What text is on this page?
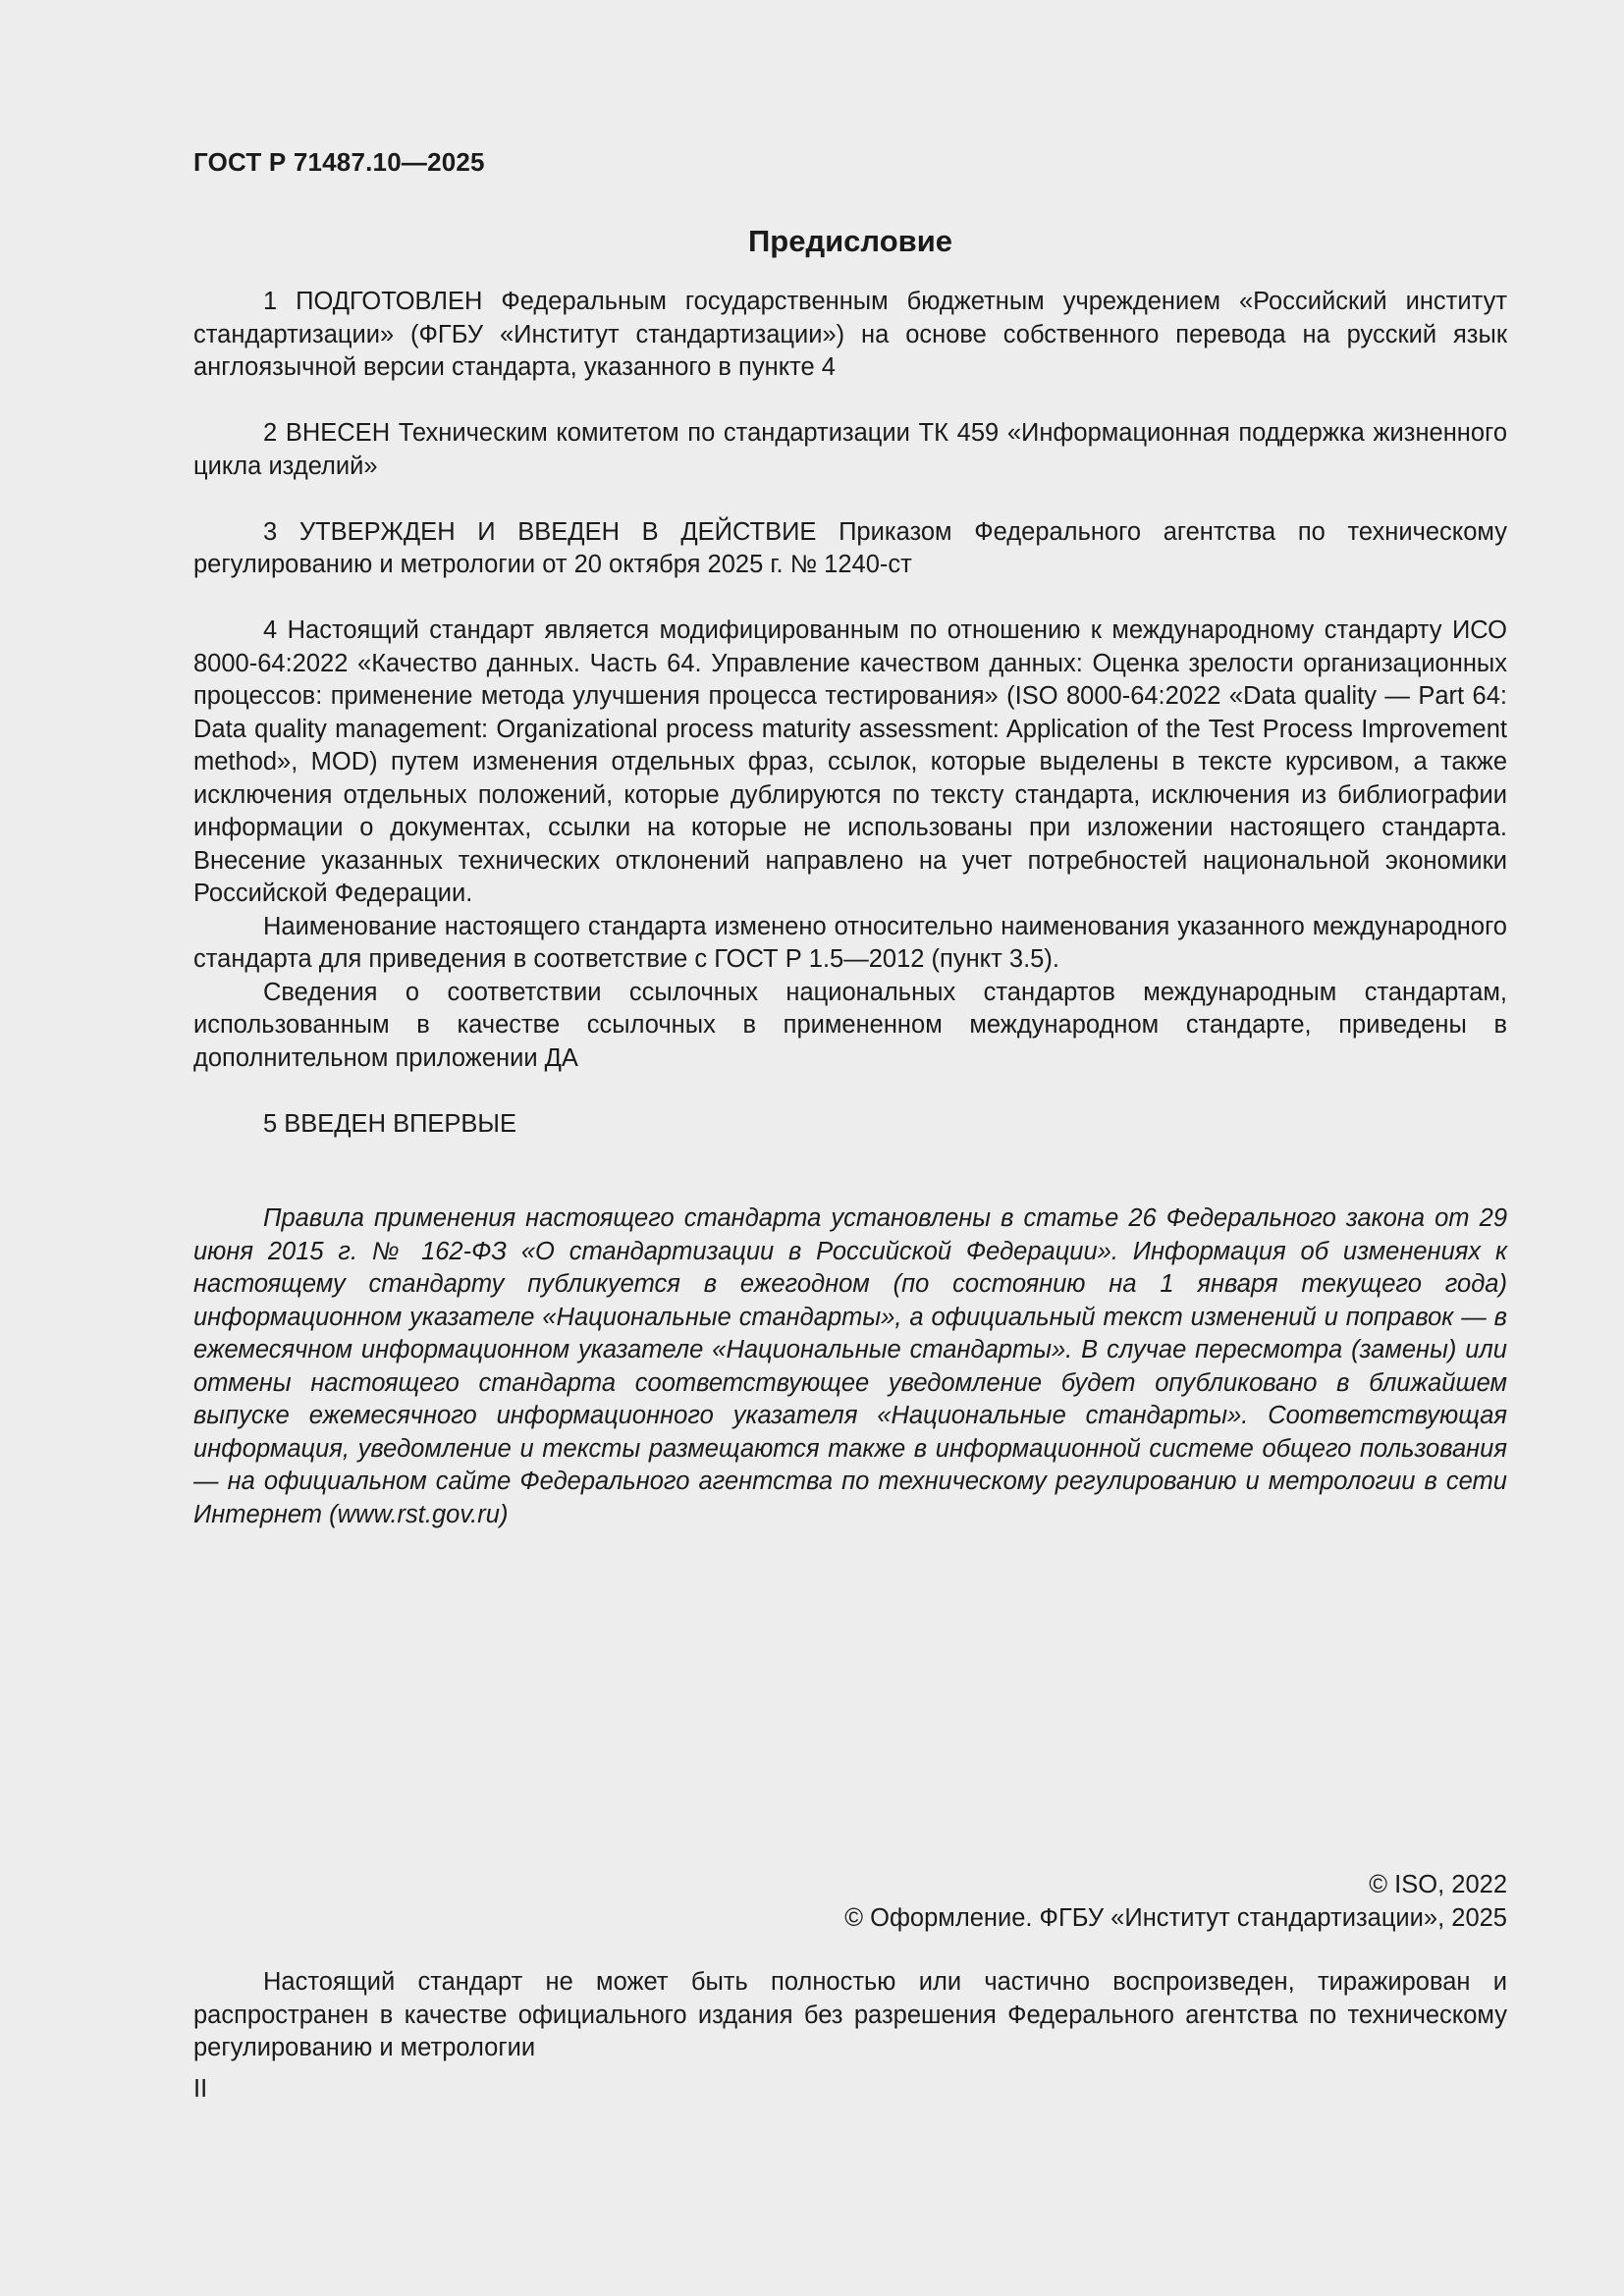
ГОСТ Р 71487.10—2025
Предисловие

1 ПОДГОТОВЛЕН Федеральным государственным бюджетным учреждением «Российский институт стандартизации» (ФГБУ «Институт стандартизации») на основе собственного перевода на русский язык англоязычной версии стандарта, указанного в пункте 4

2 ВНЕСЕН Техническим комитетом по стандартизации ТК 459 «Информационная поддержка жизненного цикла изделий»

3 УТВЕРЖДЕН И ВВЕДЕН В ДЕЙСТВИЕ Приказом Федерального агентства по техническому регулированию и метрологии от 20 октября 2025 г. № 1240-ст

4 Настоящий стандарт является модифицированным по отношению к международному стандарту ИСО 8000-64:2022 «Качество данных. Часть 64. Управление качеством данных: Оценка зрелости организационных процессов: применение метода улучшения процесса тестирования» (ISO 8000-64:2022 «Data quality — Part 64: Data quality management: Organizational process maturity assessment: Application of the Test Process Improvement method», MOD) путем изменения отдельных фраз, ссылок, которые выделены в тексте курсивом, а также исключения отдельных положений, которые дублируются по тексту стандарта, исключения из библиографии информации о документах, ссылки на которые не использованы при изложении настоящего стандарта. Внесение указанных технических отклонений направлено на учет потребностей национальной экономики Российской Федерации.

Наименование настоящего стандарта изменено относительно наименования указанного международного стандарта для приведения в соответствие с ГОСТ Р 1.5—2012 (пункт 3.5).

Сведения о соответствии ссылочных национальных стандартов международным стандартам, использованным в качестве ссылочных в примененном международном стандарте, приведены в дополнительном приложении ДА

5 ВВЕДЕН ВПЕРВЫЕ

Правила применения настоящего стандарта установлены в статье 26 Федерального закона от 29 июня 2015 г. № 162-ФЗ «О стандартизации в Российской Федерации». Информация об изменениях к настоящему стандарту публикуется в ежегодном (по состоянию на 1 января текущего года) информационном указателе «Национальные стандарты», а официальный текст изменений и поправок — в ежемесячном информационном указателе «Национальные стандарты». В случае пересмотра (замены) или отмены настоящего стандарта соответствующее уведомление будет опубликовано в ближайшем выпуске ежемесячного информационного указателя «Национальные стандарты». Соответствующая информация, уведомление и тексты размещаются также в информационной системе общего пользования — на официальном сайте Федерального агентства по техническому регулированию и метрологии в сети Интернет (www.rst.gov.ru)

© ISO, 2022
© Оформление. ФГБУ «Институт стандартизации», 2025

Настоящий стандарт не может быть полностью или частично воспроизведен, тиражирован и распространен в качестве официального издания без разрешения Федерального агентства по техническому регулированию и метрологии

II
